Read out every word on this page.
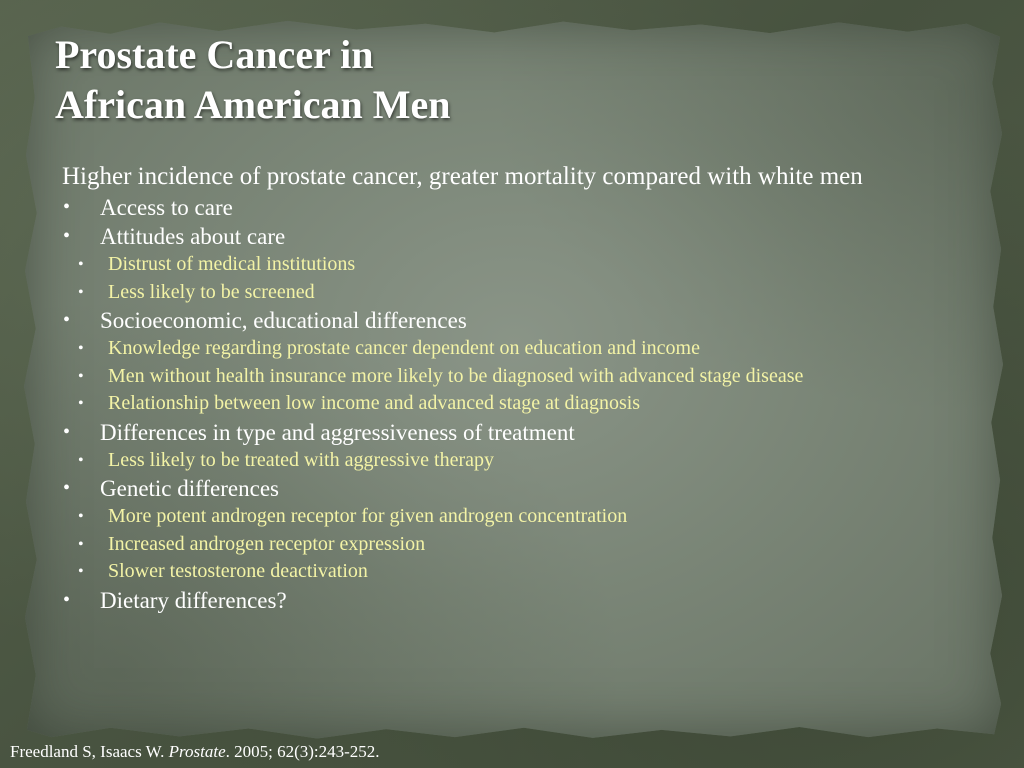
Prostate Cancer in
African American Men

Higher incidence of prostate cancer, greater mortality compared with white men

• Access to care
• Attitudes about care
• Distrust of medical institutions
• Less likely to be screened
• Socioeconomic, educational differences
• Knowledge regarding prostate cancer dependent on education and income
• Men without health insurance more likely to be diagnosed with advanced stage disease
• Relationship between low income and advanced stage at diagnosis
• Differences in type and aggressiveness of treatment
• Less likely to be treated with aggressive therapy
• Genetic differences
• More potent androgen receptor for given androgen concentration
• Increased androgen receptor expression
• Slower testosterone deactivation
• Dietary differences?
Freedland S, Isaacs W. Prostate. 2005; 62(3):243-252.
